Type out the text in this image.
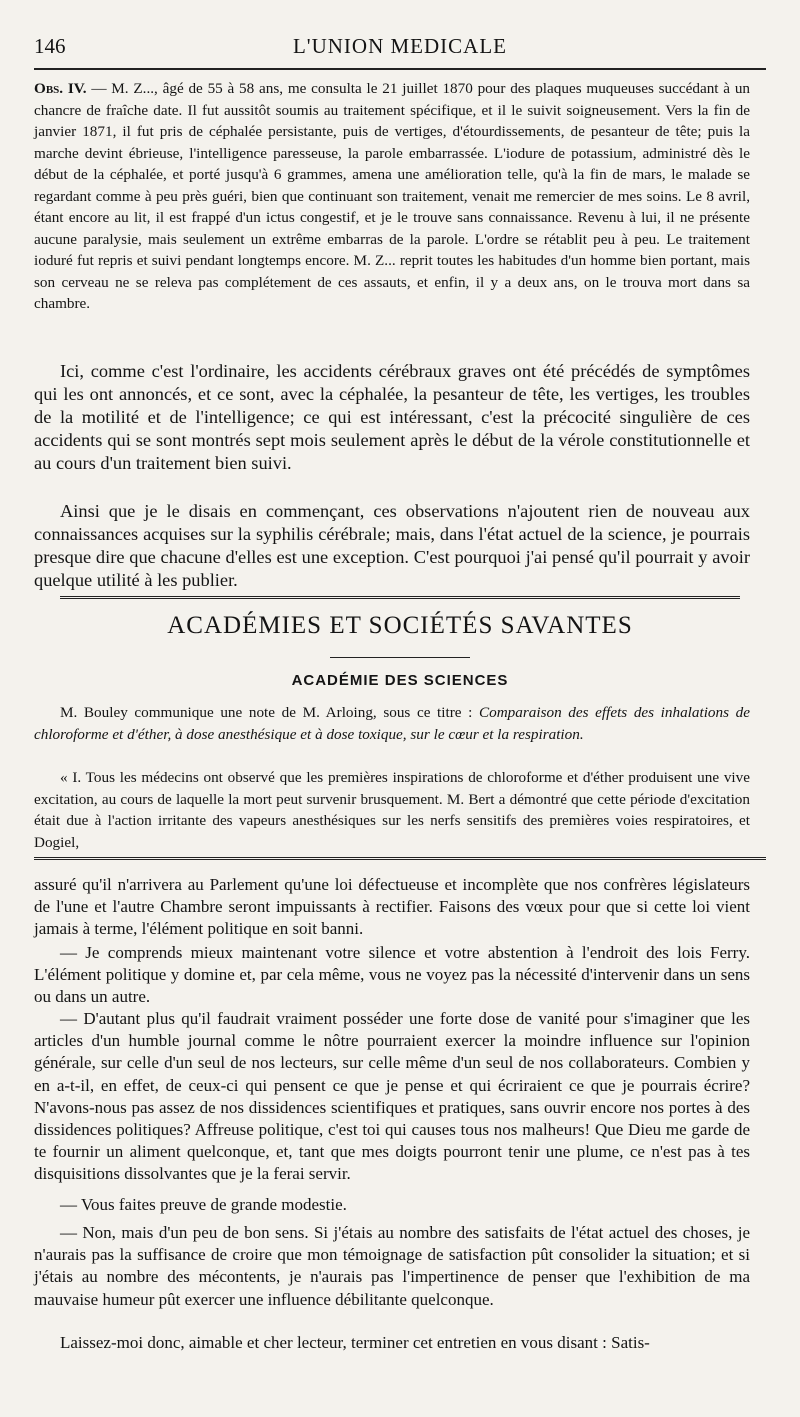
146	L'UNION MEDICALE

Obs. IV. — M. Z..., âgé de 55 à 58 ans, me consulta le 21 juillet 1870 pour des plaques muqueuses succédant à un chancre de fraîche date. Il fut aussitôt soumis au traitement spécifique, et il le suivit soigneusement. Vers la fin de janvier 1871, il fut pris de céphalée persistante, puis de vertiges, d'étourdissements, de pesanteur de tête; puis la marche devint ébrieuse, l'intelligence paresseuse, la parole embarrassée. L'iodure de potassium, administré dès le début de la céphalée, et porté jusqu'à 6 grammes, amena une amélioration telle, qu'à la fin de mars, le malade se regardant comme à peu près guéri, bien que continuant son traitement, venait me remercier de mes soins. Le 8 avril, étant encore au lit, il est frappé d'un ictus congestif, et je le trouve sans connaissance. Revenu à lui, il ne présente aucune paralysie, mais seulement un extrême embarras de la parole. L'ordre se rétablit peu à peu. Le traitement ioduré fut repris et suivi pendant longtemps encore. M. Z... reprit toutes les habitudes d'un homme bien portant, mais son cerveau ne se releva pas complétement de ces assauts, et enfin, il y a deux ans, on le trouva mort dans sa chambre.

Ici, comme c'est l'ordinaire, les accidents cérébraux graves ont été précédés de symptômes qui les ont annoncés, et ce sont, avec la céphalée, la pesanteur de tête, les vertiges, les troubles de la motilité et de l'intelligence; ce qui est intéressant, c'est la précocité singulière de ces accidents qui se sont montrés sept mois seulement après le début de la vérole constitutionnelle et au cours d'un traitement bien suivi.

Ainsi que je le disais en commençant, ces observations n'ajoutent rien de nouveau aux connaissances acquises sur la syphilis cérébrale; mais, dans l'état actuel de la science, je pourrais presque dire que chacune d'elles est une exception. C'est pourquoi j'ai pensé qu'il pourrait y avoir quelque utilité à les publier.

ACADÉMIES ET SOCIÉTÉS SAVANTES
ACADÉMIE DES SCIENCES

M. Bouley communique une note de M. Arloing, sous ce titre : Comparaison des effets des inhalations de chloroforme et d'éther, à dose anesthésique et à dose toxique, sur le cœur et la respiration.

« I. Tous les médecins ont observé que les premières inspirations de chloroforme et d'éther produisent une vive excitation, au cours de laquelle la mort peut survenir brusquement. M. Bert a démontré que cette période d'excitation était due à l'action irritante des vapeurs anesthésiques sur les nerfs sensitifs des premières voies respiratoires, et Dogiel,

assuré qu'il n'arrivera au Parlement qu'une loi défectueuse et incomplète que nos confrères législateurs de l'une et l'autre Chambre seront impuissants à rectifier. Faisons des vœux pour que si cette loi vient jamais à terme, l'élément politique en soit banni.

— Je comprends mieux maintenant votre silence et votre abstention à l'endroit des lois Ferry. L'élément politique y domine et, par cela même, vous ne voyez pas la nécessité d'intervenir dans un sens ou dans un autre.

— D'autant plus qu'il faudrait vraiment posséder une forte dose de vanité pour s'imaginer que les articles d'un humble journal comme le nôtre pourraient exercer la moindre influence sur l'opinion générale, sur celle d'un seul de nos lecteurs, sur celle même d'un seul de nos collaborateurs. Combien y en a-t-il, en effet, de ceux-ci qui pensent ce que je pense et qui écriraient ce que je pourrais écrire? N'avons-nous pas assez de nos dissidences scientifiques et pratiques, sans ouvrir encore nos portes à des dissidences politiques? Affreuse politique, c'est toi qui causes tous nos malheurs! Que Dieu me garde de te fournir un aliment quelconque, et, tant que mes doigts pourront tenir une plume, ce n'est pas à tes disquisitions dissolvantes que je la ferai servir.

— Vous faites preuve de grande modestie.

— Non, mais d'un peu de bon sens. Si j'étais au nombre des satisfaits de l'état actuel des choses, je n'aurais pas la suffisance de croire que mon témoignage de satisfaction pût consolider la situation; et si j'étais au nombre des mécontents, je n'aurais pas l'impertinence de penser que l'exhibition de ma mauvaise humeur pût exercer une influence débilitante quelconque.

Laissez-moi donc, aimable et cher lecteur, terminer cet entretien en vous disant : Satis-
